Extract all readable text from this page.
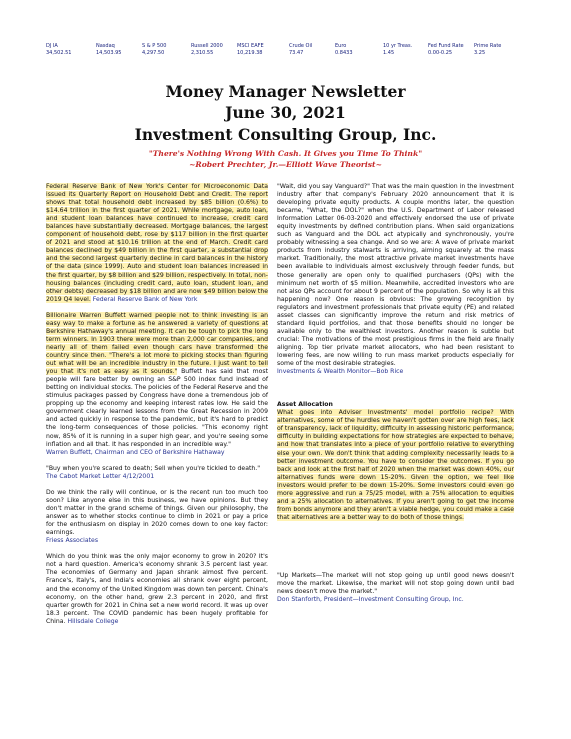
DJ IA
34,502.51
Nasdaq
14,503.95
S & P 500
4,297.50
Russell 2000
2,310.55
MSCI EAFE
10,219.38
Crude Oil
73.47
Euro
0.8433
10 yr Treas.
1.45
Fed Fund Rate
0.00-0.25
Prime Rate
3.25
Money Manager Newsletter
June 30, 2021
Investment Consulting Group, Inc.
"There's Nothing Wrong With Cash. It Gives you Time To Think"
~Robert Prechter, Jr.—Elliott Wave Theorist~

Federal Reserve Bank of New York's Center for Microeconomic Data issued its Quarterly Report on Household Debt and Credit. The report shows that total household debt increased by $85 billion (0.6%) to $14.64 trillion in the first quarter of 2021. While mortgage, auto loan, and student loan balances have continued to increase, credit card balances have substantially decreased. Mortgage balances, the largest component of household debt, rose by $117 billion in the first quarter of 2021 and stood at $10.16 trillion at the end of March. Credit card balances declined by $49 billion in the first quarter, a substantial drop and the second largest quarterly decline in card balances in the history of the data (since 1999). Auto and student loan balances increased in the first quarter, by $8 billion and $29 billion, respectively. In total, non-housing balances (including credit card, auto loan, student loan, and other debts) decreased by $18 billion and are now $49 billion below the 2019 Q4 level. Federal Reserve Bank of New York

Billionaire Warren Buffett warned people not to think investing is an easy way to make a fortune as he answered a variety of questions at Berkshire Hathaway's annual meeting. It can be tough to pick the long term winners. In 1903 there were more than 2,000 car companies, and nearly all of them failed even though cars have transformed the country since then. "There's a lot more to picking stocks than figuring out what will be an incredible industry in the future. I just want to tell you that it's not as easy as it sounds." Buffett has said that most people will fare better by owning an S&P 500 index fund instead of betting on individual stocks. The policies of the Federal Reserve and the stimulus packages passed by Congress have done a tremendous job of propping up the economy and keeping interest rates low. He said the government clearly learned lessons from the Great Recession in 2009 and acted quickly in response to the pandemic, but it's hard to predict the long-term consequences of those policies. "This economy right now, 85% of it is running in a super high gear, and you're seeing some inflation and all that. It has responded in an incredible way."
Warren Buffett, Chairman and CEO of Berkshire Hathaway

"Buy when you're scared to death; Sell when you're tickled to death."
The Cabot Market Letter 4/12/2001

Do we think the rally will continue, or is the recent run too much too soon? Like anyone else in this business, we have opinions. But they don't matter in the grand scheme of things. Given our philosophy, the answer as to whether stocks continue to climb in 2021 or pay a price for the enthusiasm on display in 2020 comes down to one key factor: earnings.
Friess Associates

Which do you think was the only major economy to grow in 2020? It's not a hard question. America's economy shrank 3.5 percent last year. The economies of Germany and Japan shrank almost five percent. France's, Italy's, and India's economies all shrank over eight percent, and the economy of the United Kingdom was down ten percent. China's economy, on the other hand, grew 2.3 percent in 2020, and first quarter growth for 2021 in China set a new world record. It was up over 18.3 percent. The COVID pandemic has been hugely profitable for China. Hillsdale College

"Wait, did you say Vanguard?" That was the main question in the investment industry after that company's February 2020 announcement that it is developing private equity products. A couple months later, the question became, "What, the DOL?" when the U.S. Department of Labor released Information Letter 06-03-2020 and effectively endorsed the use of private equity investments by defined contribution plans. When said organizations such as Vanguard and the DOL act atypically and synchronously, you're probably witnessing a sea change. And so we are: A wave of private market products from industry stalwarts is arriving, aiming squarely at the mass market. Traditionally, the most attractive private market investments have been available to individuals almost exclusively through feeder funds, but those generally are open only to qualified purchasers (QPs) with the minimum net worth of $5 million. Meanwhile, accredited investors who are not also QPs account for about 9 percent of the population. So why is all this happening now? One reason is obvious: The growing recognition by regulators and investment professionals that private equity (PE) and related asset classes can significantly improve the return and risk metrics of standard liquid portfolios, and that those benefits should no longer be available only to the wealthiest investors. Another reason is subtle but crucial: The motivations of the most prestigious firms in the field are finally aligning. Top tier private market allocators, who had been resistant to lowering fees, are now willing to run mass market products especially for some of the most desirable strategies.
Investments & Wealth Monitor—Bob Rice

Asset Allocation

What goes into Adviser Investments' model portfolio recipe? With alternatives, some of the hurdles we haven't gotten over are high fees, lack of transparency, lack of liquidity, difficulty in assessing historic performance, difficulty in building expectations for how strategies are expected to behave, and how that translates into a piece of your portfolio relative to everything else your own. We don't think that adding complexity necessarily leads to a better investment outcome. You have to consider the outcomes. If you go back and look at the first half of 2020 when the market was down 40%, our alternatives funds were down 15-20%. Given the option, we feel like investors would prefer to be down 15-20%. Some investors could even go more aggressive and run a 75/25 model, with a 75% allocation to equities and a 25% allocation to alternatives. If you aren't going to get the income from bonds anymore and they aren't a viable hedge, you could make a case that alternatives are a better way to do both of those things.

"Up Markets—The market will not stop going up until good news doesn't move the market. Likewise, the market will not stop going down until bad news doesn't move the market."
Don Stanforth, President—Investment Consulting Group, Inc.
